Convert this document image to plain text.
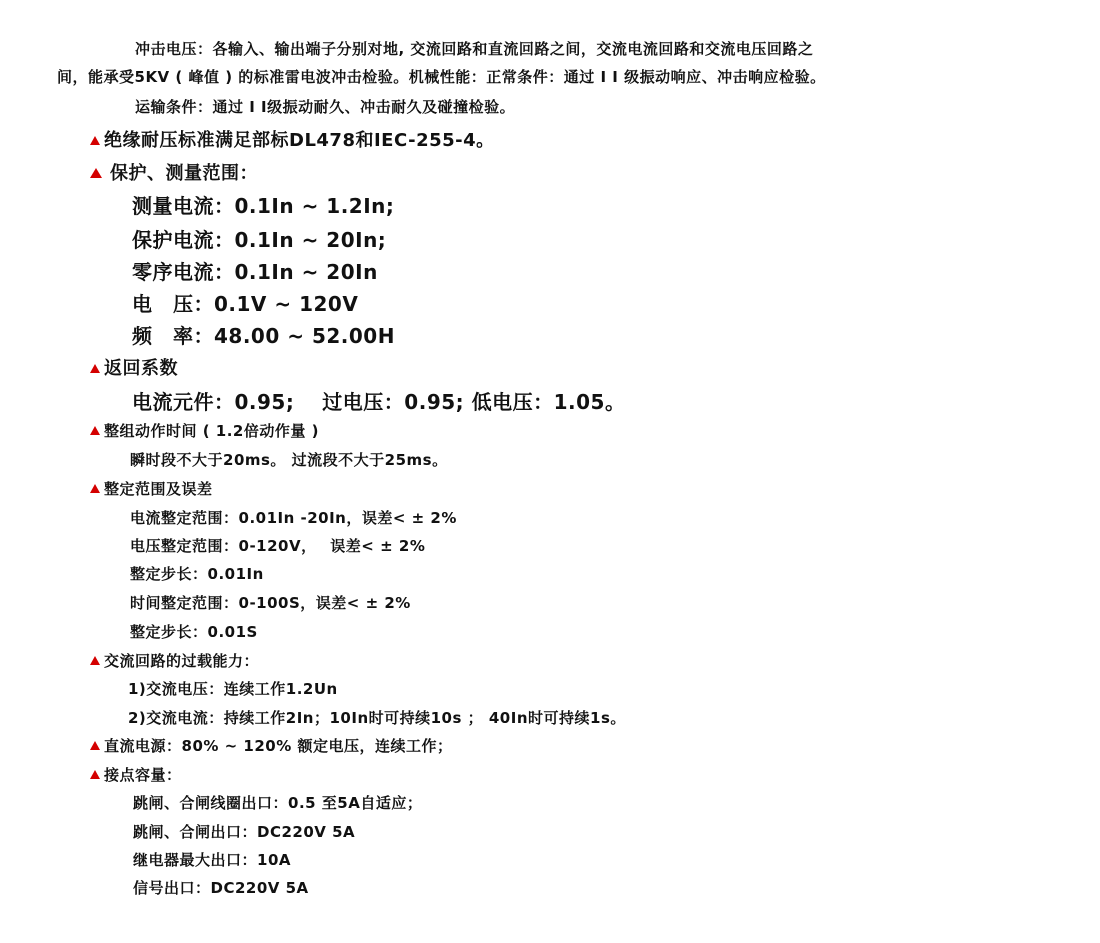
冲击电压：各输入、输出端子分别对地, 交流回路和直流回路之间，交流电流回路和交流电压回路之
间，能承受5KV ( 峰值 ) 的标准雷电波冲击检验。机械性能：正常条件：通过 I I 级振动响应、冲击响应检验。
运输条件：通过 I I级振动耐久、冲击耐久及碰撞检验。
绝缘耐压标准满足部标DL478和IEC-255-4。
保护、测量范围：
测量电流：0.1In ~ 1.2In;
保护电流：0.1In ~ 20In;
零序电流：0.1In ~ 20In
电　压：0.1V ~ 120V
频　率：48.00 ~ 52.00H
返回系数
电流元件：0.95;　 过电压：0.95; 低电压：1.05。
整组动作时间 ( 1.2倍动作量 )
瞬时段不大于20ms。 过流段不大于25ms。
整定范围及误差
电流整定范围：0.01In -20In，误差< ± 2%
电压整定范围：0-120V，　 误差< ± 2%
整定步长：0.01In
时间整定范围：0-100S，误差< ± 2%
整定步长：0.01S
交流回路的过载能力：
1)交流电压：连续工作1.2Un
2)交流电流：持续工作2In；10In时可持续10s ； 40In时可持续1s。
直流电源：80% ~ 120% 额定电压，连续工作；
接点容量：
跳闸、合闸线圈出口：0.5 至5A自适应；
跳闸、合闸出口：DC220V 5A
继电器最大出口：10A
信号出口：DC220V 5A
